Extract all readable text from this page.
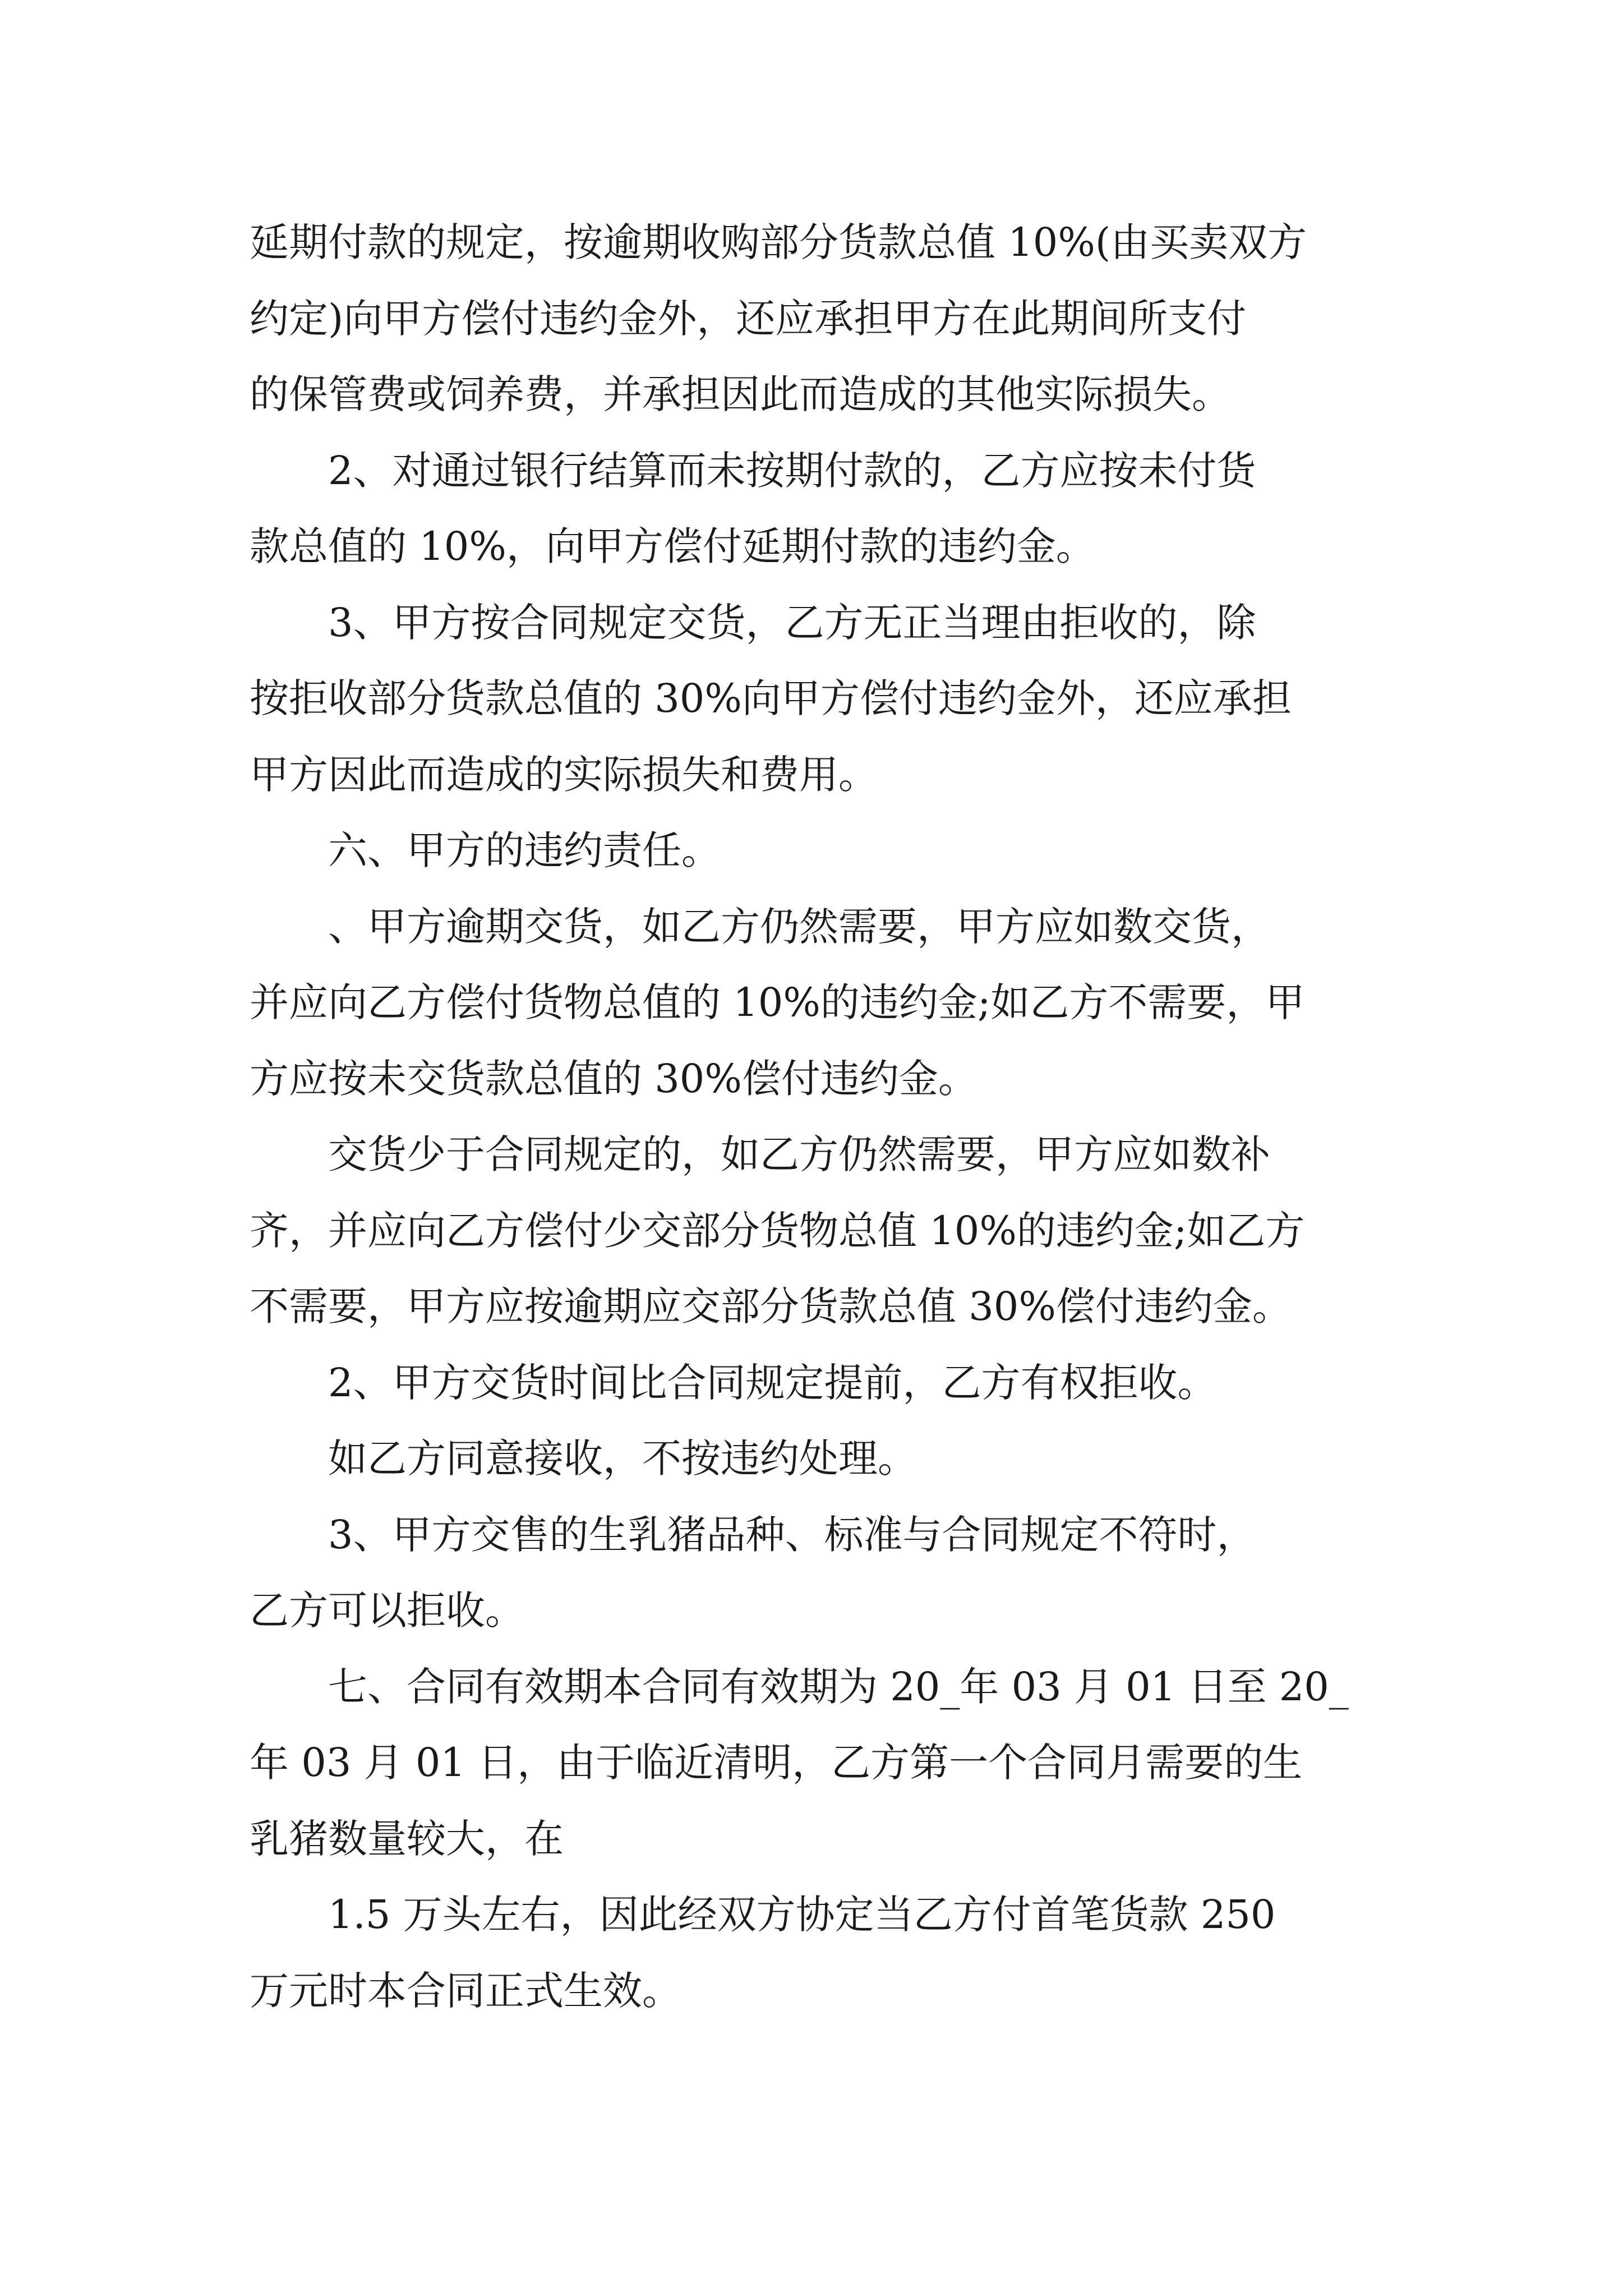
延期付款的规定，按逾期收购部分货款总值 10%(由买卖双方
约定)向甲方偿付违约金外，还应承担甲方在此期间所支付
的保管费或饲养费，并承担因此而造成的其他实际损失。
　　2、对通过银行结算而未按期付款的，乙方应按未付货
款总值的 10%，向甲方偿付延期付款的违约金。
　　3、甲方按合同规定交货，乙方无正当理由拒收的，除
按拒收部分货款总值的 30%向甲方偿付违约金外，还应承担
甲方因此而造成的实际损失和费用。
　　六、甲方的违约责任。
　　、甲方逾期交货，如乙方仍然需要，甲方应如数交货，
并应向乙方偿付货物总值的 10%的违约金;如乙方不需要，甲
方应按未交货款总值的 30%偿付违约金。
　　交货少于合同规定的，如乙方仍然需要，甲方应如数补
齐，并应向乙方偿付少交部分货物总值 10%的违约金;如乙方
不需要，甲方应按逾期应交部分货款总值 30%偿付违约金。
　　2、甲方交货时间比合同规定提前，乙方有权拒收。
　　如乙方同意接收，不按违约处理。
　　3、甲方交售的生乳猪品种、标准与合同规定不符时，
乙方可以拒收。
　　七、合同有效期本合同有效期为 20_年 03 月 01 日至 20_
年 03 月 01 日，由于临近清明，乙方第一个合同月需要的生
乳猪数量较大，在
　　1.5 万头左右，因此经双方协定当乙方付首笔货款 250
万元时本合同正式生效。
